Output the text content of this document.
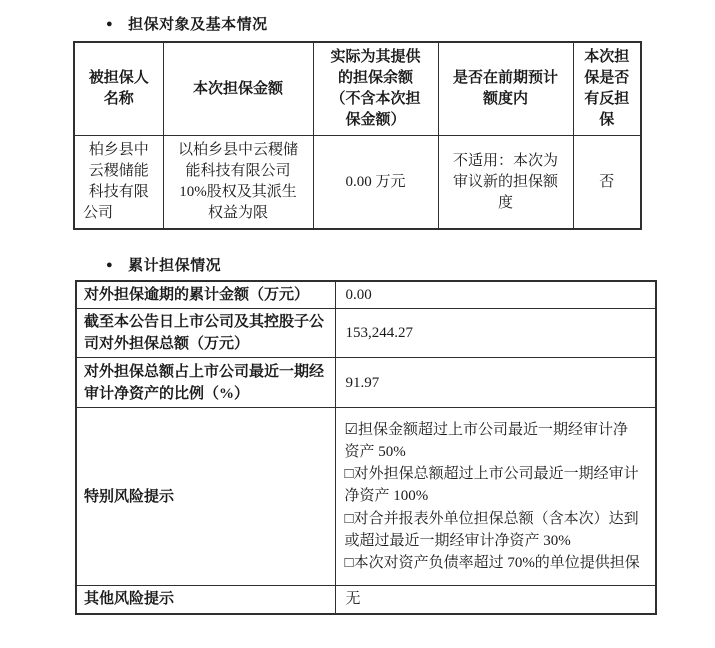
● 担保对象及基本情况
被担保人名称	本次担保金额	实际为其提供的担保余额（不含本次担保金额）	是否在前期预计额度内	本次担保是否有反担保
柏乡县中云稷储能科技有限公司	以柏乡县中云稷储能科技有限公司10%股权及其派生权益为限	0.00 万元	不适用：本次为审议新的担保额度	否
● 累计担保情况
对外担保逾期的累计金额（万元）	0.00
截至本公告日上市公司及其控股子公司对外担保总额（万元）	153,244.27
对外担保总额占上市公司最近一期经审计净资产的比例（%）	91.97
特别风险提示	☑担保金额超过上市公司最近一期经审计净资产 50%
□对外担保总额超过上市公司最近一期经审计净资产 100%
□对合并报表外单位担保总额（含本次）达到或超过最近一期经审计净资产 30%
□本次对资产负债率超过 70%的单位提供担保

其他风险提示	无
